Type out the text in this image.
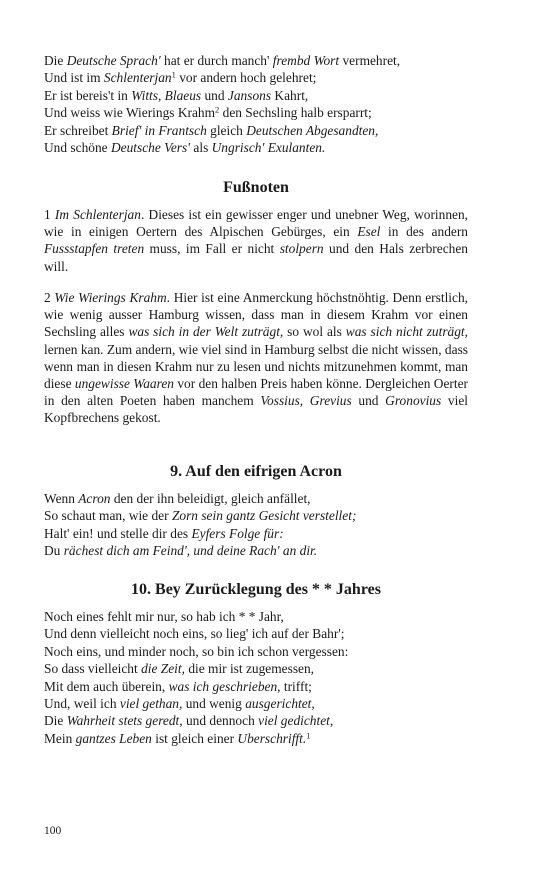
Die Deutsche Sprach' hat er durch manch' frembd Wort vermehret,
Und ist im Schlenterjan$^1$ vor andern hoch gelehret;
Er ist bereis't in Witts, Blaeus und Jansons Kahrt,
Und weiss wie Wierings Krahm$^2$ den Sechsling halb ersparrt;
Er schreibet Brief' in Frantsch gleich Deutschen Abgesandten,
Und schöne Deutsche Vers' als Ungrisch' Exulanten.
Fußnoten

1 Im Schlenterjan. Dieses ist ein gewisser enger und unebner Weg, worinnen, wie in einigen Oertern des Alpischen Gebürges, ein Esel in des andern Fussstapfen treten muss, im Fall er nicht stolpern und den Hals zerbrechen will.

2 Wie Wierings Krahm. Hier ist eine Anmerckung höchstnöhtig. Denn erstlich, wie wenig ausser Hamburg wissen, dass man in diesem Krahm vor einen Sechsling alles was sich in der Welt zuträgt, so wol als was sich nicht zuträgt, lernen kan. Zum andern, wie viel sind in Hamburg selbst die nicht wissen, dass wenn man in diesen Krahm nur zu lesen und nichts mitzunehmen kommt, man diese ungewisse Waaren vor den halben Preis haben könne. Dergleichen Oerter in den alten Poeten haben manchem Vossius, Grevius und Gronovius viel Kopfbrechens gekost.

9. Auf den eifrigen Acron
Wenn Acron den der ihn beleidigt, gleich anfället,
So schaut man, wie der Zorn sein gantz Gesicht verstellet;
Halt' ein! und stelle dir des Eyfers Folge für:
Du rächest dich am Feind', und deine Rach' an dir.
10. Bey Zurücklegung des * * Jahres
Noch eines fehlt mir nur, so hab ich * * Jahr,
Und denn vielleicht noch eins, so lieg' ich auf der Bahr';
Noch eins, und minder noch, so bin ich schon vergessen:
So dass vielleicht die Zeit, die mir ist zugemessen,
Mit dem auch überein, was ich geschrieben, trifft;
Und, weil ich viel gethan, und wenig ausgerichtet,
Die Wahrheit stets geredt, und dennoch viel gedichtet,
Mein gantzes Leben ist gleich einer Uberschrifft.$^1$
100
